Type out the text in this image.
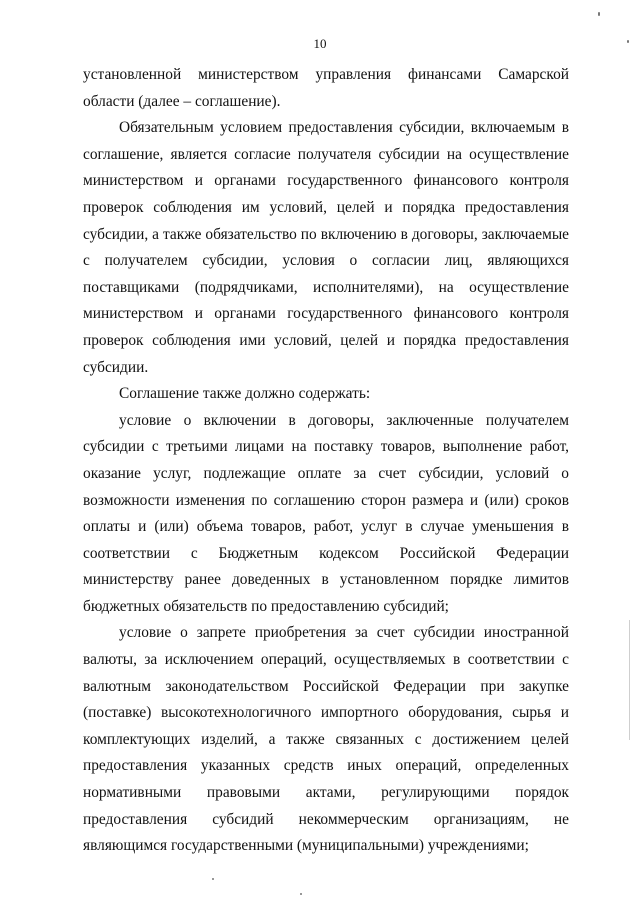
10

установленной министерством управления финансами Самарской области (далее – соглашение).

Обязательным условием предоставления субсидии, включаемым в соглашение, является согласие получателя субсидии на осуществление министерством и органами государственного финансового контроля проверок соблюдения им условий, целей и порядка предоставления субсидии, а также обязательство по включению в договоры, заключаемые с получателем субсидии, условия о согласии лиц, являющихся поставщиками (подрядчиками, исполнителями), на осуществление министерством и органами государственного финансового контроля проверок соблюдения ими условий, целей и порядка предоставления субсидии.

Соглашение также должно содержать:

условие о включении в договоры, заключенные получателем субсидии с третьими лицами на поставку товаров, выполнение работ, оказание услуг, подлежащие оплате за счет субсидии, условий о возможности изменения по соглашению сторон размера и (или) сроков оплаты и (или) объема товаров, работ, услуг в случае уменьшения в соответствии с Бюджетным кодексом Российской Федерации министерству ранее доведенных в установленном порядке лимитов бюджетных обязательств по предоставлению субсидий;

условие о запрете приобретения за счет субсидии иностранной валюты, за исключением операций, осуществляемых в соответствии с валютным законодательством Российской Федерации при закупке (поставке) высокотехнологичного импортного оборудования, сырья и комплектующих изделий, а также связанных с достижением целей предоставления указанных средств иных операций, определенных нормативными правовыми актами, регулирующими порядок предоставления субсидий некоммерческим организациям, не являющимся государственными (муниципальными) учреждениями;
